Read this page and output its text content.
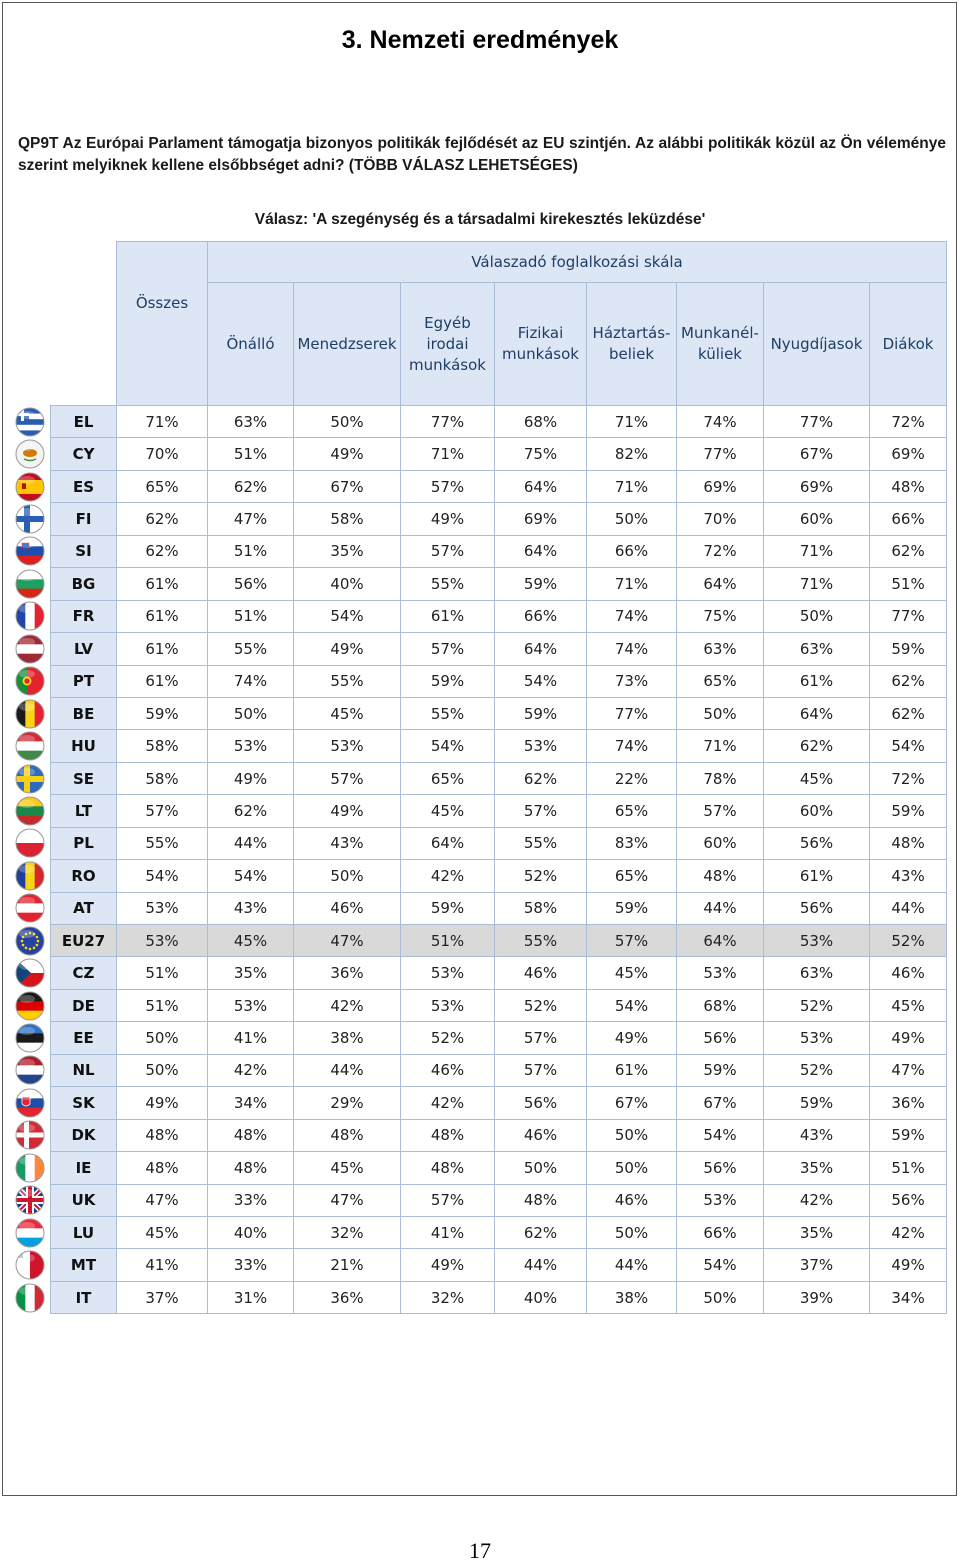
3. Nemzeti eredmények
QP9T Az Európai Parlament támogatja bizonyos politikák fejlődését az EU szintjén. Az alábbi politikák közül az Ön véleménye szerint melyiknek kellene elsőbbséget adni? (TÖBB VÁLASZ LEHETSÉGES)
Válasz: 'A szegénység és a társadalmi kirekesztés leküzdése'
	Összes	Válaszadó foglalkozási skála							
		Önálló	Menedzserek	Egyéb irodai munkások	Fizikai munkások	Háztartás-beliek	Munkanél-küliek	Nyugdíjasok	Diákok
EL	71%	63%	50%	77%	68%	71%	74%	77%	72%
CY	70%	51%	49%	71%	75%	82%	77%	67%	69%
ES	65%	62%	67%	57%	64%	71%	69%	69%	48%
FI	62%	47%	58%	49%	69%	50%	70%	60%	66%
SI	62%	51%	35%	57%	64%	66%	72%	71%	62%
BG	61%	56%	40%	55%	59%	71%	64%	71%	51%
FR	61%	51%	54%	61%	66%	74%	75%	50%	77%
LV	61%	55%	49%	57%	64%	74%	63%	63%	59%
PT	61%	74%	55%	59%	54%	73%	65%	61%	62%
BE	59%	50%	45%	55%	59%	77%	50%	64%	62%
HU	58%	53%	53%	54%	53%	74%	71%	62%	54%
SE	58%	49%	57%	65%	62%	22%	78%	45%	72%
LT	57%	62%	49%	45%	57%	65%	57%	60%	59%
PL	55%	44%	43%	64%	55%	83%	60%	56%	48%
RO	54%	54%	50%	42%	52%	65%	48%	61%	43%
AT	53%	43%	46%	59%	58%	59%	44%	56%	44%
EU27	53%	45%	47%	51%	55%	57%	64%	53%	52%
CZ	51%	35%	36%	53%	46%	45%	53%	63%	46%
DE	51%	53%	42%	53%	52%	54%	68%	52%	45%
EE	50%	41%	38%	52%	57%	49%	56%	53%	49%
NL	50%	42%	44%	46%	57%	61%	59%	52%	47%
SK	49%	34%	29%	42%	56%	67%	67%	59%	36%
DK	48%	48%	48%	48%	46%	50%	54%	43%	59%
IE	48%	48%	45%	48%	50%	50%	56%	35%	51%
UK	47%	33%	47%	57%	48%	46%	53%	42%	56%
LU	45%	40%	32%	41%	62%	50%	66%	35%	42%
MT	41%	33%	21%	49%	44%	44%	54%	37%	49%
IT	37%	31%	36%	32%	40%	38%	50%	39%	34%
17
